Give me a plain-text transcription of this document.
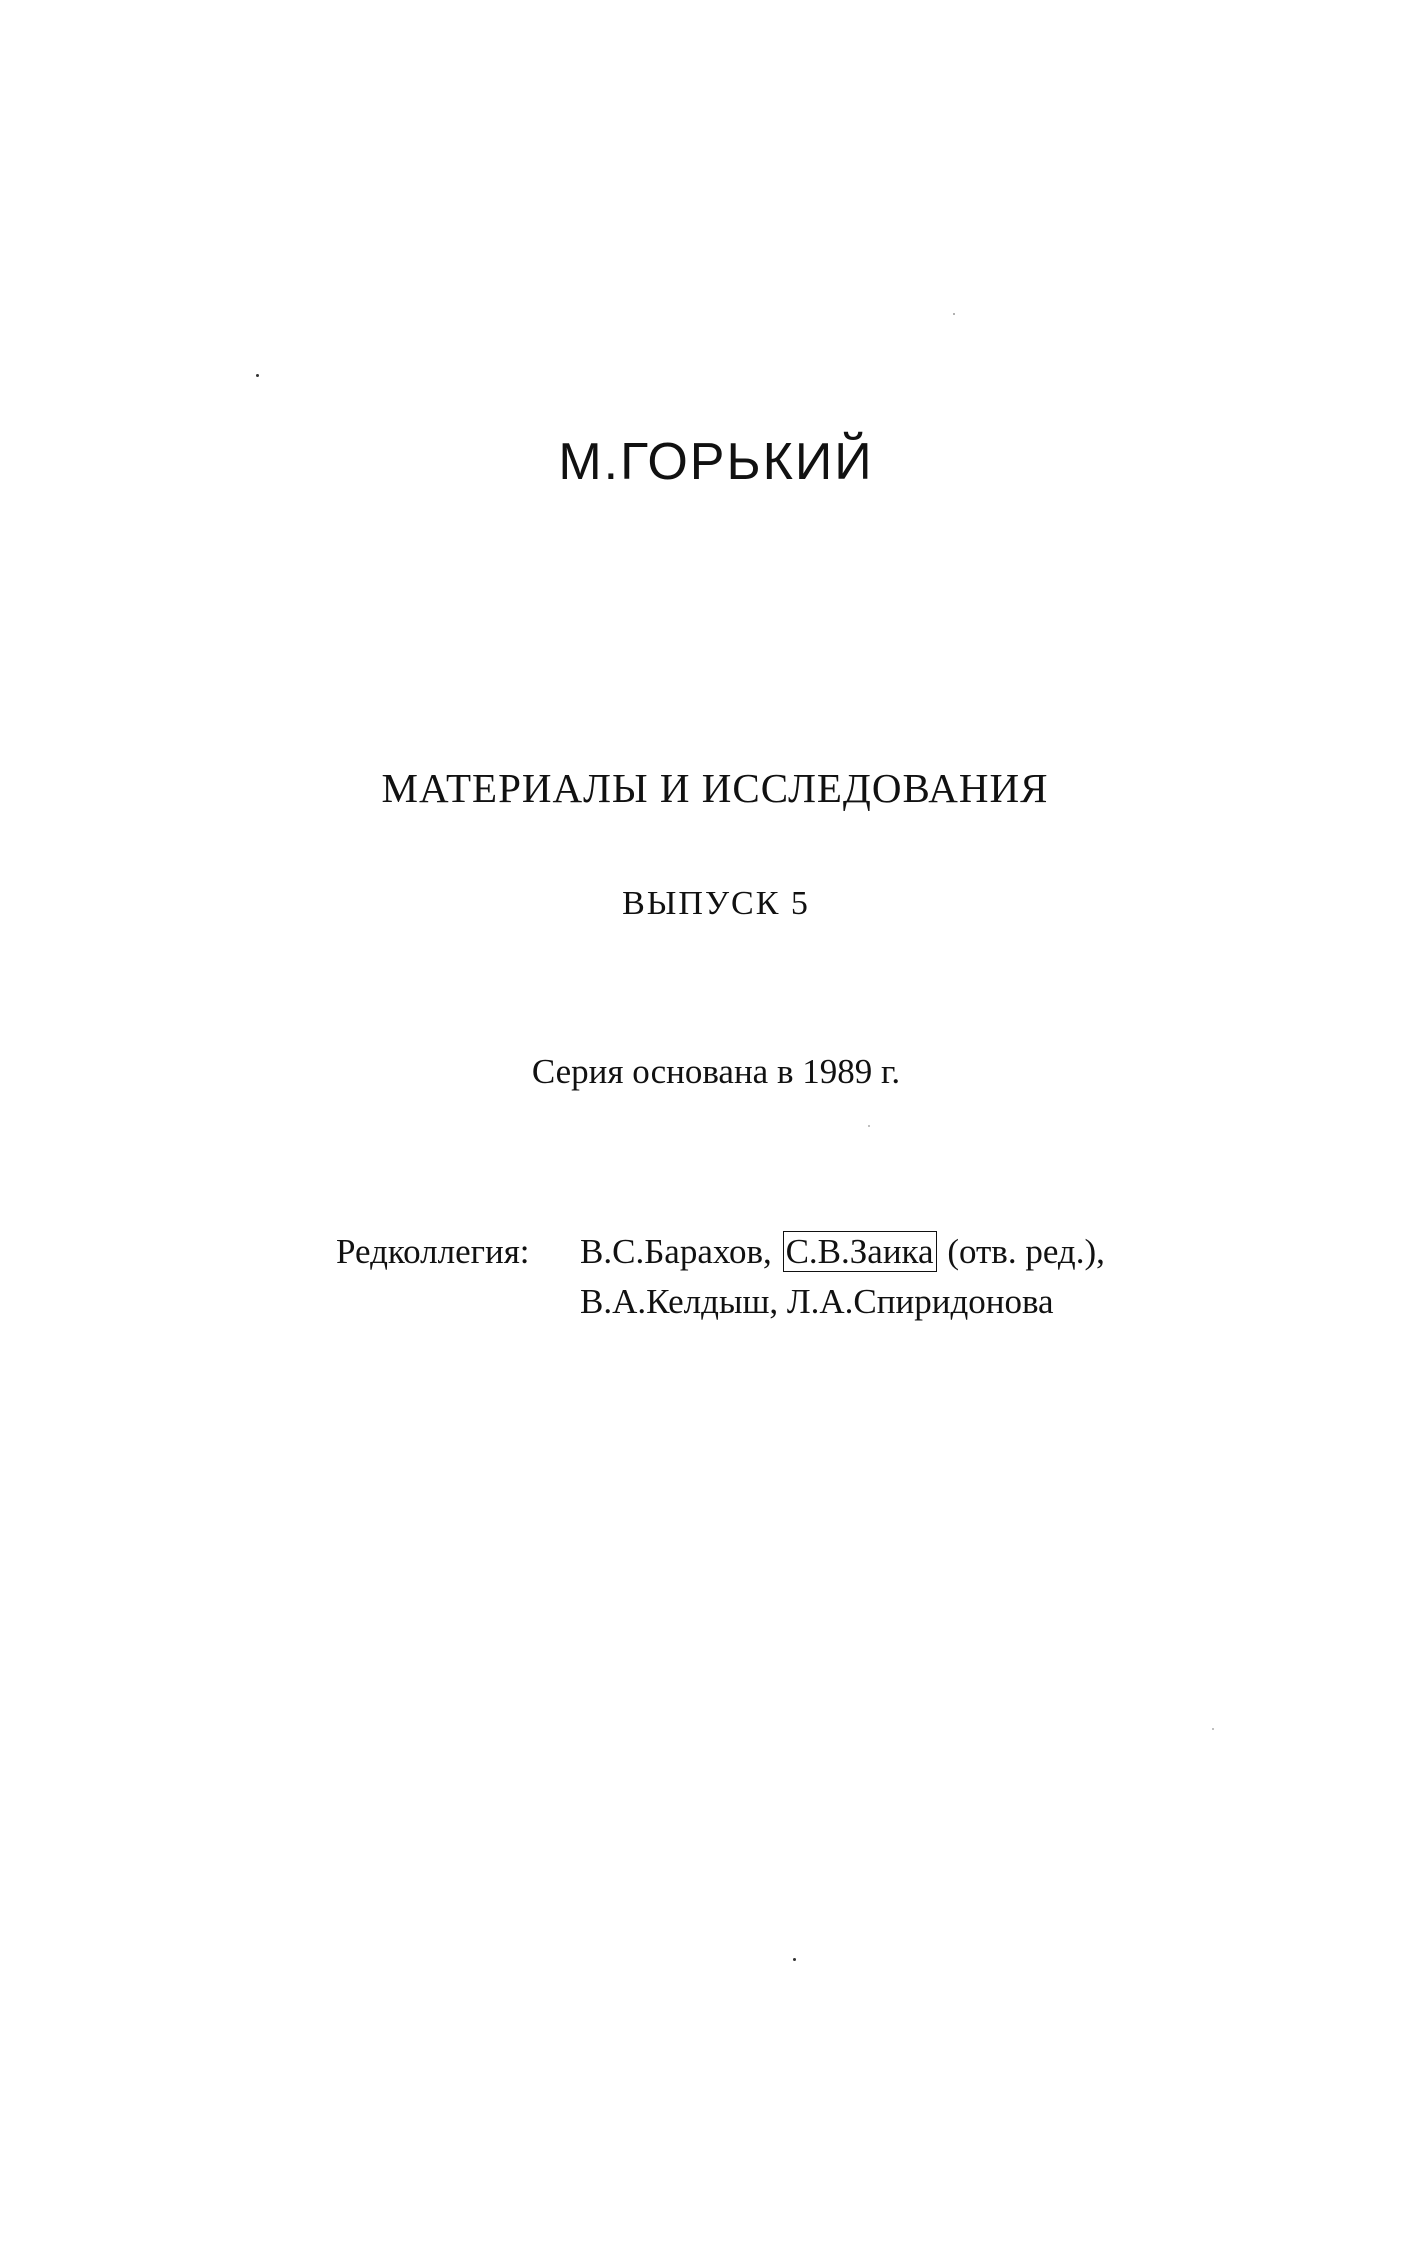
М.ГОРЬКИЙ
МАТЕРИАЛЫ И ИССЛЕДОВАНИЯ
ВЫПУСК 5
Серия основана в 1989 г.
Редколлегия: В.С.Барахов, С.В.Заика (отв. ред.),
В.А.Келдыш, Л.А.Спиридонова
